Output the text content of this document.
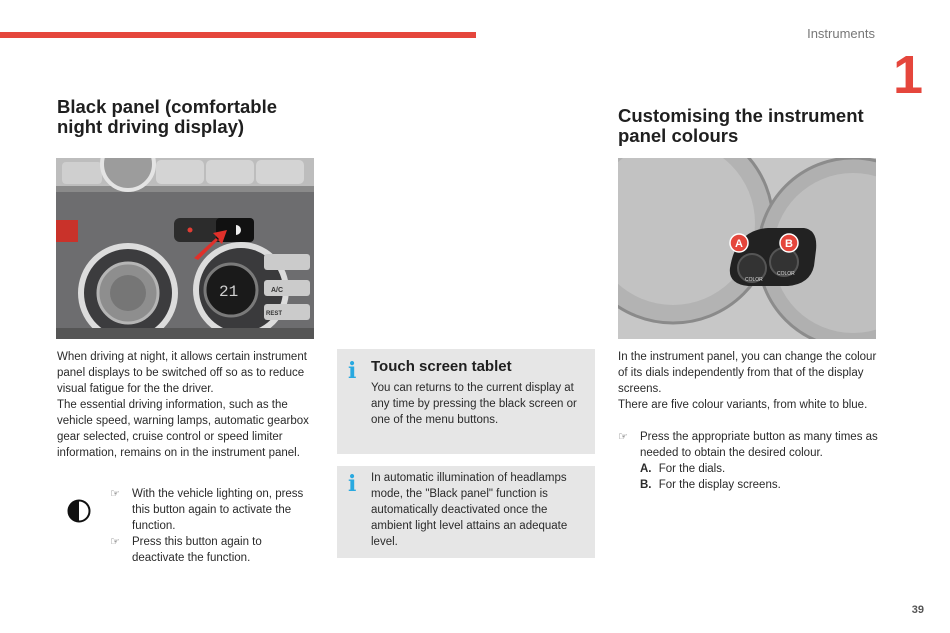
Instruments
1
Black panel (comfortable night driving display)
21	A/C
REST
When driving at night, it allows certain instrument panel displays to be switched off so as to reduce visual fatigue for the the driver.
The essential driving information, such as the vehicle speed, warning lamps, automatic gearbox gear selected, cruise control or speed limiter information, remains on in the instrument panel.
☞ With the vehicle lighting on, press this button again to activate the function.
☞ Press this button again to deactivate the function.
i Touch screen tablet
You can returns to the current display at any time by pressing the black screen or one of the menu buttons.
i In automatic illumination of headlamps mode, the "Black panel" function is automatically deactivated once the ambient light level attains an adequate level.
Customising the instrument panel colours
COLOR
COLOR
A	B
In the instrument panel, you can change the colour of its dials independently from that of the display screens.
There are five colour variants, from white to blue.
☞ Press the appropriate button as many times as needed to obtain the desired colour.
A. For the dials.
B. For the display screens.
39
